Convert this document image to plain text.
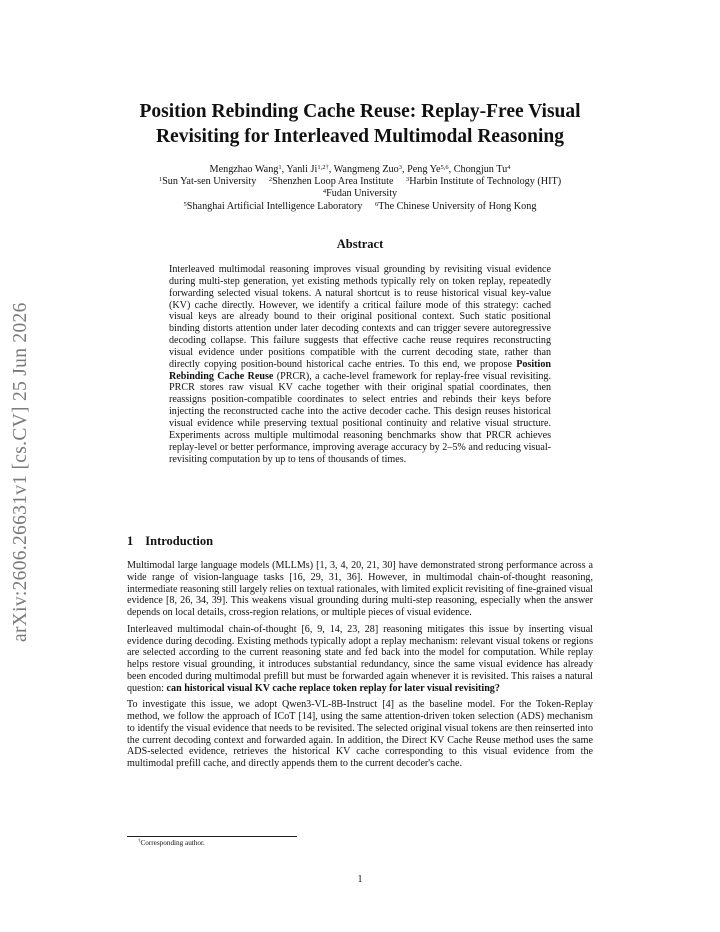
arXiv:2606.26631v1 [cs.CV] 25 Jun 2026
Position Rebinding Cache Reuse: Replay-Free Visual
Revisiting for Interleaved Multimodal Reasoning
Mengzhao Wang$^1$, Yanli $Ji^{1,2\dagger}$, Wangmeng Zuo$^3$, Peng Ye$^{5,6}$, Chongjun Tu$^4$
$^1$Sun Yat-sen University $^2$Shenzhen Loop Area Institute $^3$Harbin Institute of Technology (HIT)
$^4$Fudan University
$^5$Shanghai Artificial Intelligence Laboratory $^6$The Chinese University of Hong Kong
Abstract
Interleaved multimodal reasoning improves visual grounding by revisiting visual evidence during multi-step generation, yet existing methods typically rely on token replay, repeatedly forwarding selected visual tokens. A natural shortcut is to reuse historical visual key-value (KV) cache directly. However, we identify a critical failure mode of this strategy: cached visual keys are already bound to their original positional context. Such static positional binding distorts attention under later decoding contexts and can trigger severe autoregressive decoding collapse. This failure suggests that effective cache reuse requires reconstructing visual evidence under positions compatible with the current decoding state, rather than directly copying position-bound historical cache entries. To this end, we propose Position Rebinding Cache Reuse (PRCR), a cache-level framework for replay-free visual revisiting. PRCR stores raw visual KV cache together with their original spatial coordinates, then reassigns position-compatible coordinates to select entries and rebinds their keys before injecting the reconstructed cache into the active decoder cache. This design reuses historical visual evidence while preserving textual positional continuity and relative visual structure. Experiments across multiple multimodal reasoning benchmarks show that PRCR achieves replay-level or better performance, improving average accuracy by 2–5% and reducing visual-revisiting computation by up to tens of thousands of times.
1 Introduction

Multimodal large language models (MLLMs) [1, 3, 4, 20, 21, 30] have demonstrated strong performance across a wide range of vision-language tasks [16, 29, 31, 36]. However, in multimodal chain-of-thought reasoning, intermediate reasoning still largely relies on textual rationales, with limited explicit revisiting of fine-grained visual evidence [8, 26, 34, 39]. This weakens visual grounding during multi-step reasoning, especially when the answer depends on local details, cross-region relations, or multiple pieces of visual evidence.

Interleaved multimodal chain-of-thought [6, 9, 14, 23, 28] reasoning mitigates this issue by inserting visual evidence during decoding. Existing methods typically adopt a replay mechanism: relevant visual tokens or regions are selected according to the current reasoning state and fed back into the model for computation. While replay helps restore visual grounding, it introduces substantial redundancy, since the same visual evidence has already been encoded during multimodal prefill but must be forwarded again whenever it is revisited. This raises a natural question: can historical visual KV cache replace token replay for later visual revisiting?

To investigate this issue, we adopt Qwen3-VL-8B-Instruct [4] as the baseline model. For the Token-Replay method, we follow the approach of ICoT [14], using the same attention-driven token selection (ADS) mechanism to identify the visual evidence that needs to be revisited. The selected original visual tokens are then reinserted into the current decoding context and forwarded again. In addition, the Direct KV Cache Reuse method uses the same ADS-selected evidence, retrieves the historical KV cache corresponding to this visual evidence from the multimodal prefill cache, and directly appends them to the current decoder's cache.

†Corresponding author.
1
